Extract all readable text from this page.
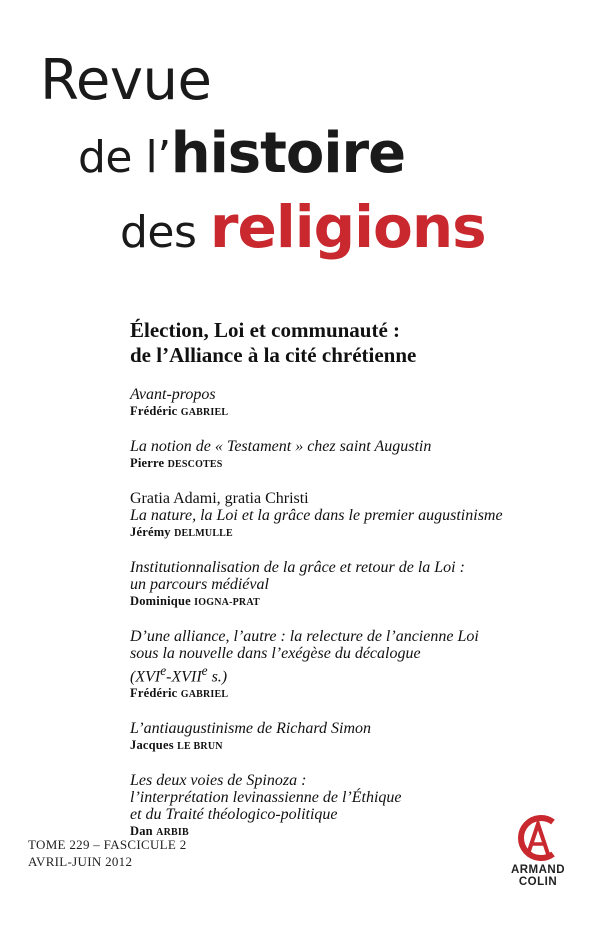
Revue
de l’histoire
des religions
Élection, Loi et communauté :
de l’Alliance à la cité chrétienne
Avant-propos
Frédéric GABRIEL
La notion de « Testament » chez saint Augustin
Pierre DESCOTES
Gratia Adami, gratia Christi
La nature, la Loi et la grâce dans le premier augustinisme
Jérémy DELMULLE
Institutionnalisation de la grâce et retour de la Loi :
un parcours médiéval
Dominique IOGNA-PRAT
D’une alliance, l’autre : la relecture de l’ancienne Loi
sous la nouvelle dans l’exégèse du décalogue
(XVIe-XVIIe s.)
Frédéric GABRIEL
L’antiaugustinisme de Richard Simon
Jacques LE BRUN
Les deux voies de Spinoza :
l’interprétation levinassienne de l’Éthique
et du Traité théologico-politique
Dan ARBIB
TOME 229 – FASCICULE 2
AVRIL-JUIN 2012
ARMAND
COLIN
